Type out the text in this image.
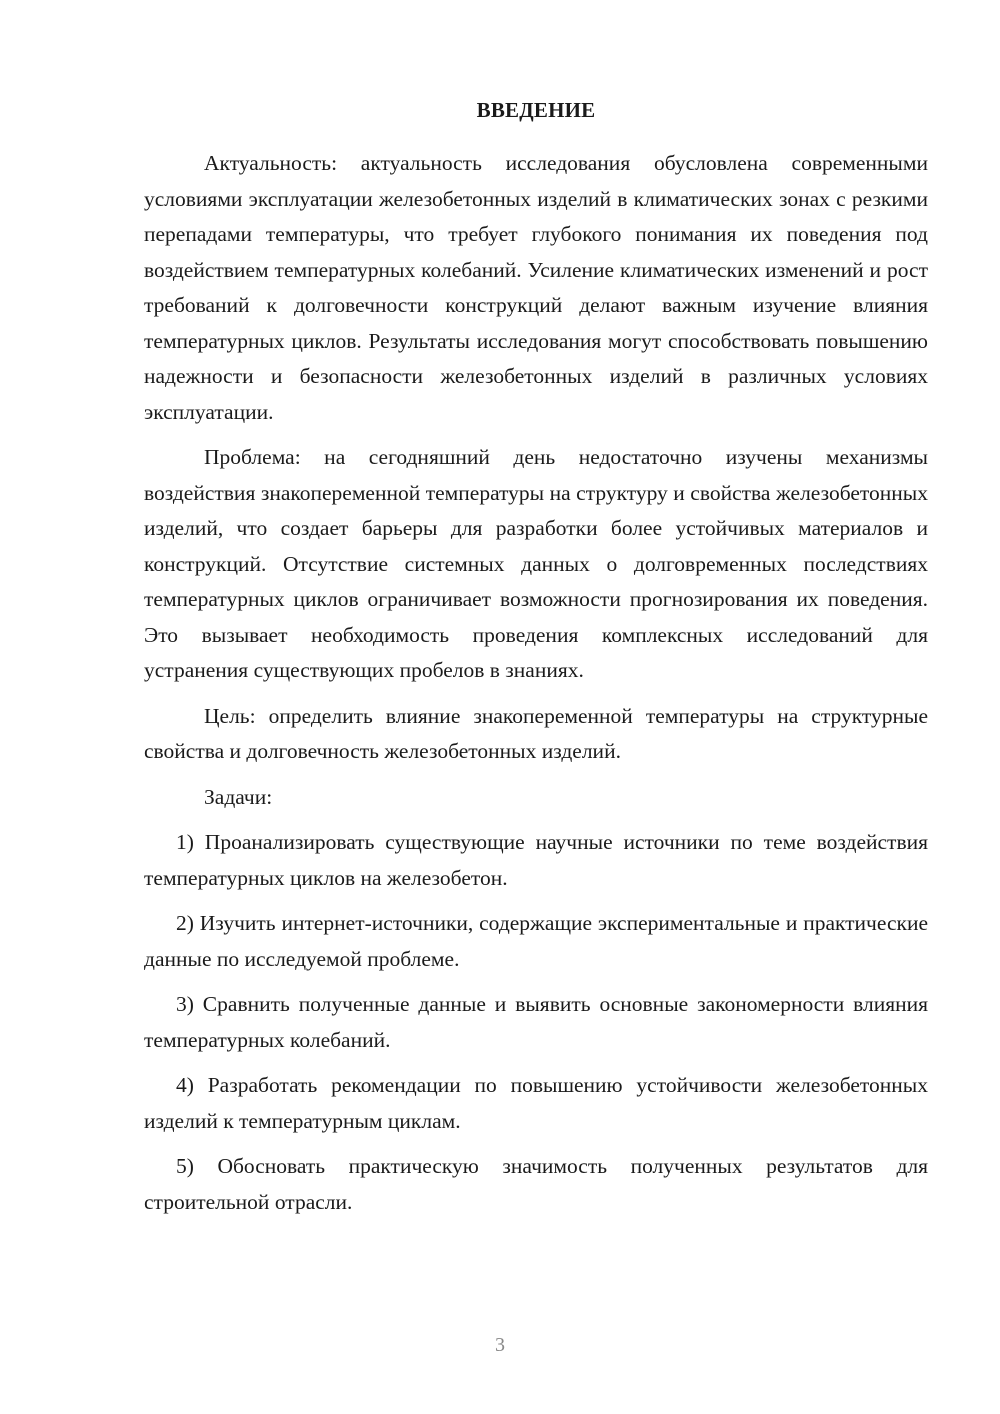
ВВЕДЕНИЕ

Актуальность: актуальность исследования обусловлена современными условиями эксплуатации железобетонных изделий в климатических зонах с резкими перепадами температуры, что требует глубокого понимания их поведения под воздействием температурных колебаний. Усиление климатических изменений и рост требований к долговечности конструкций делают важным изучение влияния температурных циклов. Результаты исследования могут способствовать повышению надежности и безопасности железобетонных изделий в различных условиях эксплуатации.

Проблема: на сегодняшний день недостаточно изучены механизмы воздействия знакопеременной температуры на структуру и свойства железобетонных изделий, что создает барьеры для разработки более устойчивых материалов и конструкций. Отсутствие системных данных о долговременных последствиях температурных циклов ограничивает возможности прогнозирования их поведения. Это вызывает необходимость проведения комплексных исследований для устранения существующих пробелов в знаниях.

Цель: определить влияние знакопеременной температуры на структурные свойства и долговечность железобетонных изделий.

Задачи:

1) Проанализировать существующие научные источники по теме воздействия температурных циклов на железобетон.

2) Изучить интернет-источники, содержащие экспериментальные и практические данные по исследуемой проблеме.

3) Сравнить полученные данные и выявить основные закономерности влияния температурных колебаний.

4) Разработать рекомендации по повышению устойчивости железобетонных изделий к температурным циклам.

5) Обосновать практическую значимость полученных результатов для строительной отрасли.

3
